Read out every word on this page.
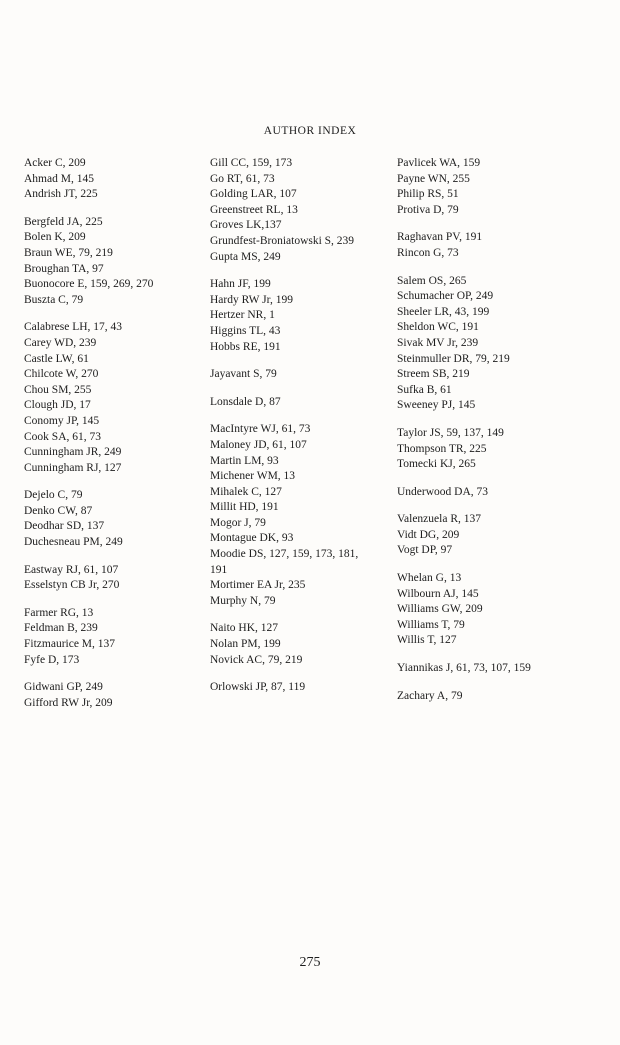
AUTHOR INDEX
Acker C, 209
Ahmad M, 145
Andrish JT, 225
Bergfeld JA, 225
Bolen K, 209
Braun WE, 79, 219
Broughan TA, 97
Buonocore E, 159, 269, 270
Buszta C, 79
Calabrese LH, 17, 43
Carey WD, 239
Castle LW, 61
Chilcote W, 270
Chou SM, 255
Clough JD, 17
Conomy JP, 145
Cook SA, 61, 73
Cunningham JR, 249
Cunningham RJ, 127
Dejelo C, 79
Denko CW, 87
Deodhar SD, 137
Duchesneau PM, 249
Eastway RJ, 61, 107
Esselstyn CB Jr, 270
Farmer RG, 13
Feldman B, 239
Fitzmaurice M, 137
Fyfe D, 173
Gidwani GP, 249
Gifford RW Jr, 209
Gill CC, 159, 173
Go RT, 61, 73
Golding LAR, 107
Greenstreet RL, 13
Groves LK,137
Grundfest-Broniatowski S, 239
Gupta MS, 249
Hahn JF, 199
Hardy RW Jr, 199
Hertzer NR, 1
Higgins TL, 43
Hobbs RE, 191
Jayavant S, 79
Lonsdale D, 87
MacIntyre WJ, 61, 73
Maloney JD, 61, 107
Martin LM, 93
Michener WM, 13
Mihalek C, 127
Millit HD, 191
Mogor J, 79
Montague DK, 93
Moodie DS, 127, 159, 173, 181,
191
Mortimer EA Jr, 235
Murphy N, 79
Naito HK, 127
Nolan PM, 199
Novick AC, 79, 219
Orlowski JP, 87, 119
Pavlicek WA, 159
Payne WN, 255
Philip RS, 51
Protiva D, 79
Raghavan PV, 191
Rincon G, 73
Salem OS, 265
Schumacher OP, 249
Sheeler LR, 43, 199
Sheldon WC, 191
Sivak MV Jr, 239
Steinmuller DR, 79, 219
Streem SB, 219
Sufka B, 61
Sweeney PJ, 145
Taylor JS, 59, 137, 149
Thompson TR, 225
Tomecki KJ, 265
Underwood DA, 73
Valenzuela R, 137
Vidt DG, 209
Vogt DP, 97
Whelan G, 13
Wilbourn AJ, 145
Williams GW, 209
Williams T, 79
Willis T, 127
Yiannikas J, 61, 73, 107, 159
Zachary A, 79
275
